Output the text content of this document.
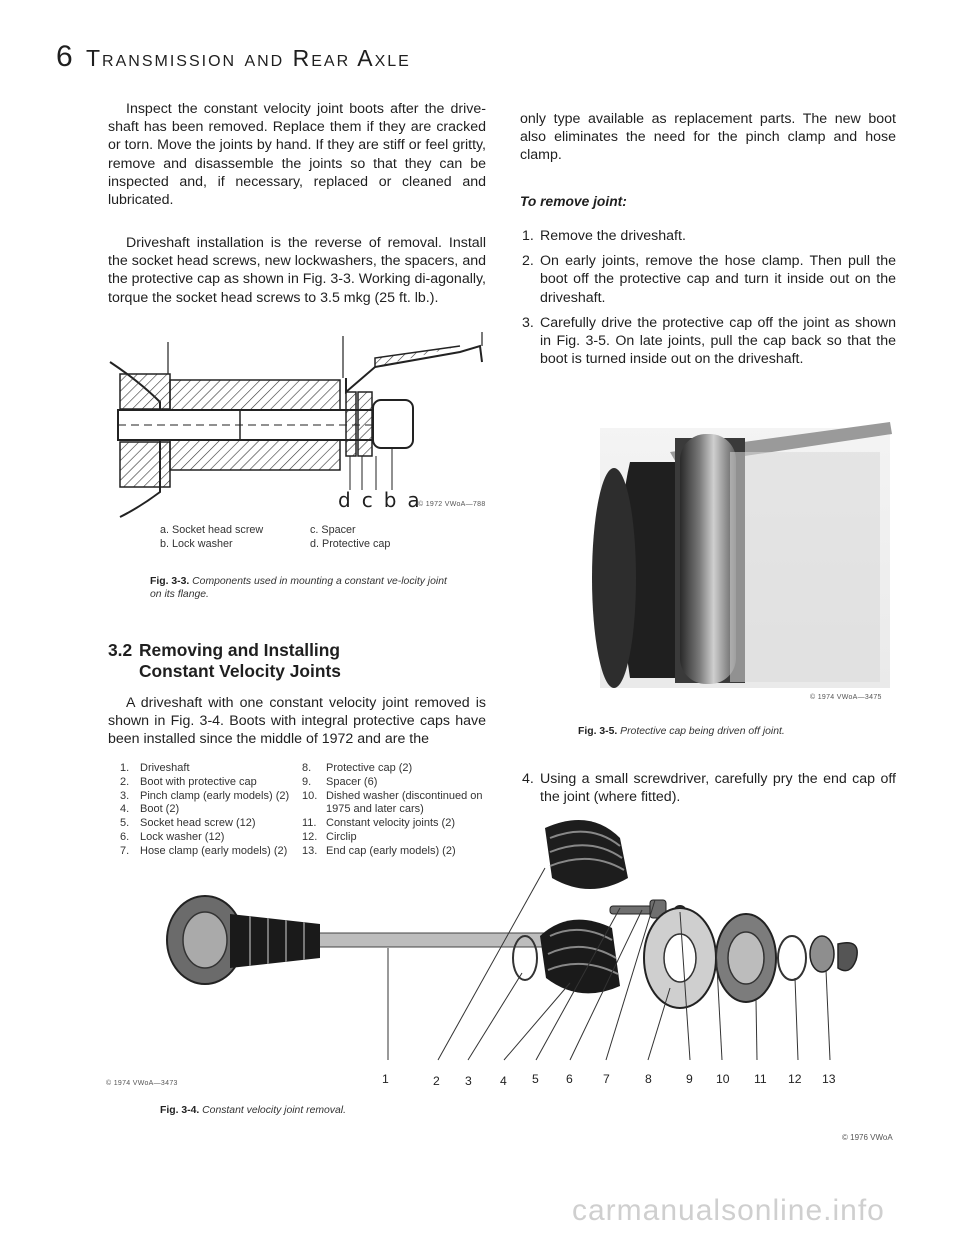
6 Transmission and Rear Axle

Inspect the constant velocity joint boots after the drive-shaft has been removed. Replace them if they are cracked or torn. Move the joints by hand. If they are stiff or feel gritty, remove and disassemble the joints so that they can be inspected and, if necessary, replaced or cleaned and lubricated.

Driveshaft installation is the reverse of removal. Install the socket head screws, new lockwashers, the spacers, and the protective cap as shown in Fig. 3-3. Working di-agonally, torque the socket head screws to 3.5 mkg (25 ft. lb.).

dcba
© 1972 VWoA—788
a. Socket head screw
b. Lock washer
c. Spacer
d. Protective cap
Fig. 3-3. Components used in mounting a constant ve-locity joint on its flange.
3.2 Removing and Installing
Constant Velocity Joints

A driveshaft with one constant velocity joint removed is shown in Fig. 3-4. Boots with integral protective caps have been installed since the middle of 1972 and are the

1. Driveshaft
2. Boot with protective cap
3. Pinch clamp (early models) (2)
4. Boot (2)
5. Socket head screw (12)
6. Lock washer (12)
7. Hose clamp (early models) (2)
8. Protective cap (2)
9. Spacer (6)
10. Dished washer (discontinued on 1975 and later cars)
11. Constant velocity joints (2)
12. Circlip
13. End cap (early models) (2)

only type available as replacement parts. The new boot also eliminates the need for the pinch clamp and hose clamp.

To remove joint:
1. Remove the driveshaft.
2. On early joints, remove the hose clamp. Then pull the boot off the protective cap and turn it inside out on the driveshaft.
3. Carefully drive the protective cap off the joint as shown in Fig. 3-5. On late joints, pull the cap back so that the boot is turned inside out on the driveshaft.
© 1974 VWoA—3475
Fig. 3-5. Protective cap being driven off joint.
4. Using a small screwdriver, carefully pry the end cap off the joint (where fitted).
1	2 3 4 5 6 7	8	9 10 11 12 13
© 1974 VWoA—3473
Fig. 3-4. Constant velocity joint removal.
© 1976 VWoA
carmanualsonline.info
